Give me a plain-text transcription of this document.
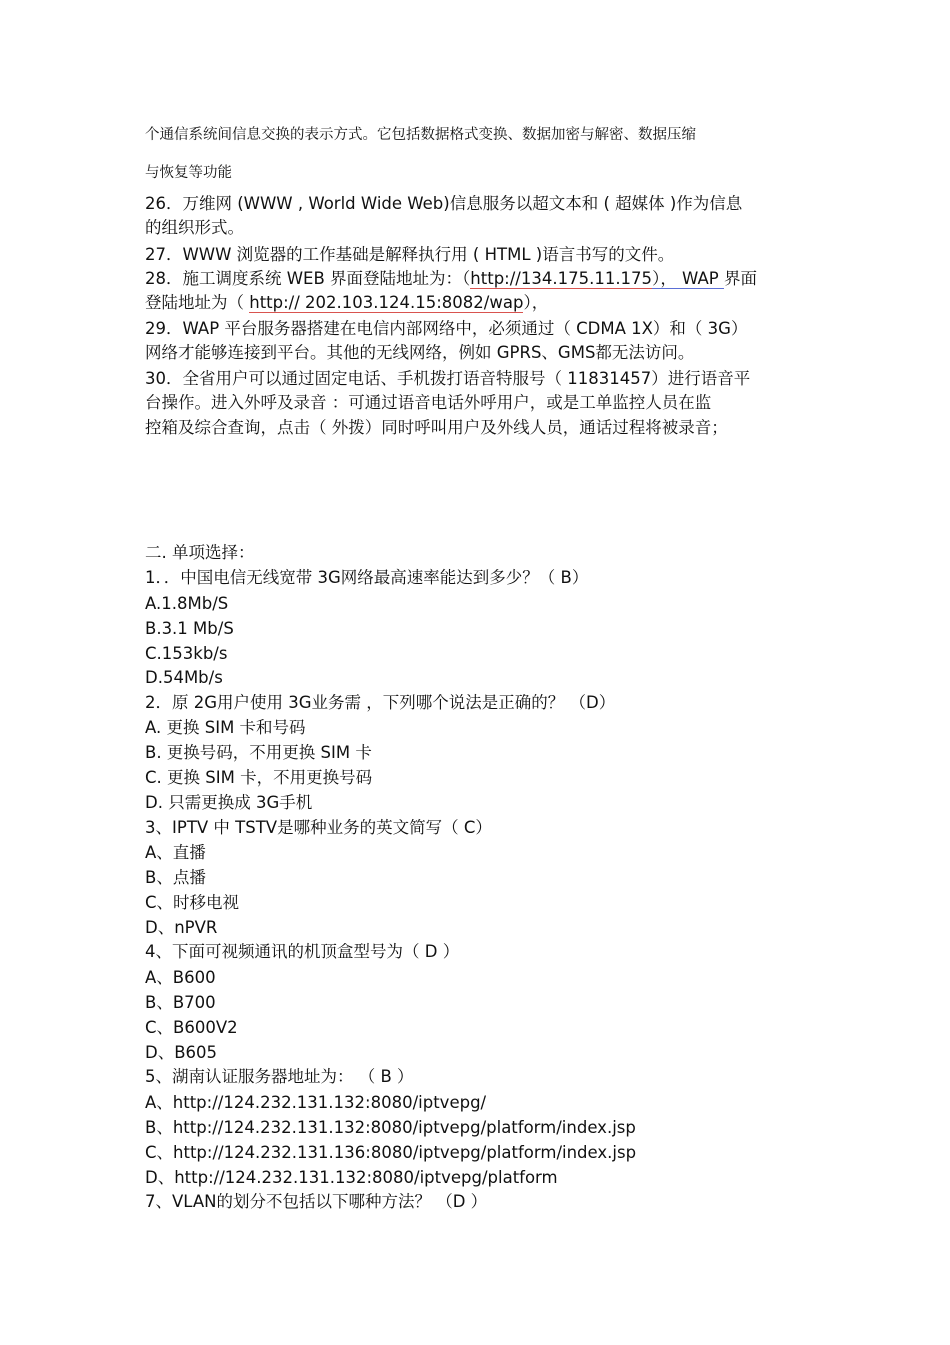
个通信系统间信息交换的表示方式。它包括数据格式变换、数据加密与解密、数据压缩
与恢复等功能
26．万维网 (WWW , World Wide Web)信息服务以超文本和 ( 超媒体 )作为信息
的组织形式。
27．WWW 浏览器的工作基础是解释执行用 ( HTML )语言书写的文件。
28．施工调度系统 WEB 界面登陆地址为：（http://134.175.11.175）， WAP 界面
登陆地址为（ http:// 202.103.124.15:8082/wap），
29．WAP 平台服务器搭建在电信内部网络中，必须通过（ CDMA 1X）和（ 3G）
网络才能够连接到平台。其他的无线网络，例如 GPRS、GMS都无法访问。
30．全省用户可以通过固定电话、手机拨打语音特服号（ 11831457）进行语音平
台操作。进入外呼及录音 ：可通过语音电话外呼用户，或是工单监控人员在监
控箱及综合查询，点击（ 外拨）同时呼叫用户及外线人员，通话过程将被录音；
二. 单项选择：
1．．中国电信无线宽带 3G网络最高速率能达到多少？（ B）
A.1.8Mb/S
B.3.1 Mb/S
C.153kb/s
D.54Mb/s
2．原 2G用户使用 3G业务需 ，下列哪个说法是正确的？ （D）
A. 更换 SIM 卡和号码
B. 更换号码，不用更换 SIM 卡
C. 更换 SIM 卡，不用更换号码
D. 只需更换成 3G手机
3、IPTV 中 TSTV是哪种业务的英文简写（ C）
A、直播
B、点播
C、时移电视
D、nPVR
4、下面可视频通讯的机顶盒型号为（ D ）
A、B600
B、B700
C、B600V2
D、B605
5、湖南认证服务器地址为： （ B ）
A、http://124.232.131.132:8080/iptvepg/
B、http://124.232.131.132:8080/iptvepg/platform/index.jsp
C、http://124.232.131.136:8080/iptvepg/platform/index.jsp
D、http://124.232.131.132:8080/iptvepg/platform
7、VLAN的划分不包括以下哪种方法？ （D ）
